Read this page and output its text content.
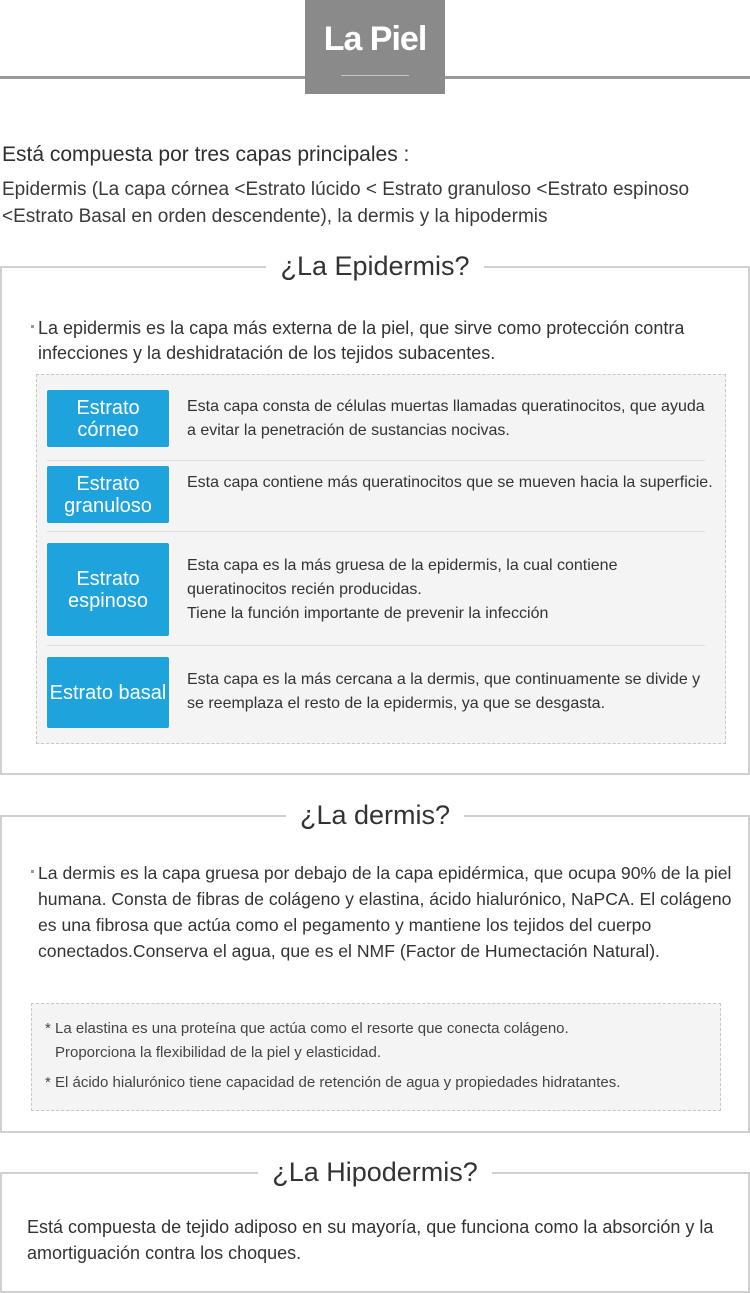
La Piel

Está compuesta por tres capas principales :

Epidermis (La capa córnea <Estrato lúcido < Estrato granuloso <Estrato espinoso <Estrato Basal en orden descendente), la dermis y la hipodermis

¿La Epidermis?

La epidermis es la capa más externa de la piel, que sirve como protección contra infecciones y la deshidratación de los tejidos subacentes.

Estrato córneo

Esta capa consta de células muertas llamadas queratinocitos, que ayuda a evitar la penetración de sustancias nocivas.

Estrato granuloso

Esta capa contiene más queratinocitos que se mueven hacia la superficie.

Estrato espinoso

Esta capa es la más gruesa de la epidermis, la cual contiene queratinocitos recién producidas.

Tiene la función importante de prevenir la infección

Estrato basal

Esta capa es la más cercana a la dermis, que continuamente se divide y se reemplaza el resto de la epidermis, ya que se desgasta.

¿La dermis?

La dermis es la capa gruesa por debajo de la capa epidérmica, que ocupa 90% de la piel humana. Consta de fibras de colágeno y elastina, ácido hialurónico, NaPCA. El colágeno es una fibrosa que actúa como el pegamento y mantiene los tejidos del cuerpo conectados.Conserva el agua, que es el NMF (Factor de Humectación Natural).

* La elastina es una proteína que actúa como el resorte que conecta colágeno.

Proporciona la flexibilidad de la piel y elasticidad.

* El ácido hialurónico tiene capacidad de retención de agua y propiedades hidratantes.

¿La Hipodermis?

Está compuesta de tejido adiposo en su mayoría, que funciona como la absorción y la amortiguación contra los choques.
